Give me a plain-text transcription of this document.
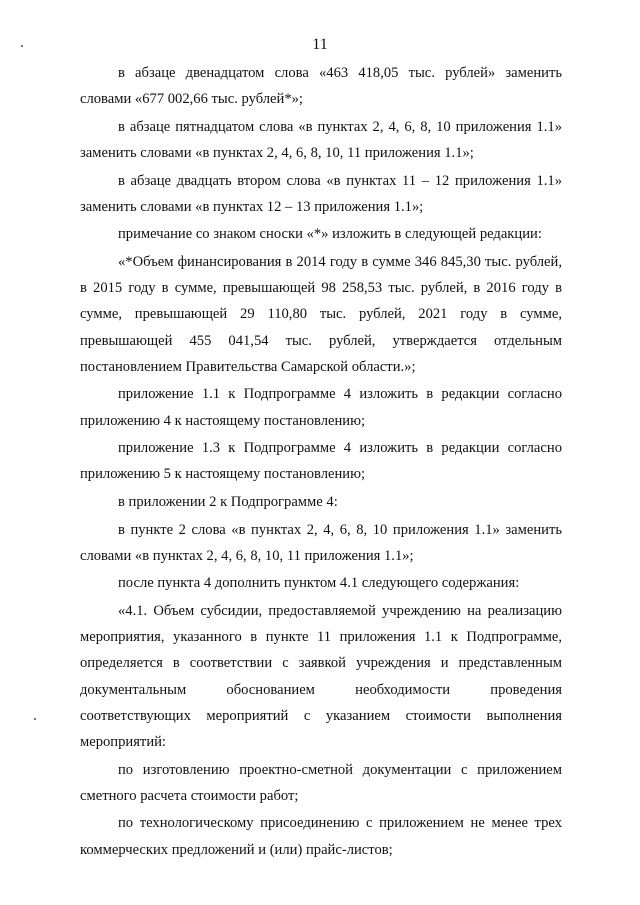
11

в абзаце двенадцатом слова «463 418,05 тыс. рублей» заменить словами «677 002,66 тыс. рублей*»;

в абзаце пятнадцатом слова «в пунктах 2, 4, 6, 8, 10 приложения 1.1» заменить словами «в пунктах 2, 4, 6, 8, 10, 11 приложения 1.1»;

в абзаце двадцать втором слова «в пунктах 11 – 12 приложения 1.1» заменить словами «в пунктах 12 – 13 приложения 1.1»;

примечание со знаком сноски «*» изложить в следующей редакции:

«*Объем финансирования в 2014 году в сумме 346 845,30 тыс. рублей, в 2015 году в сумме, превышающей 98 258,53 тыс. рублей, в 2016 году в сумме, превышающей 29 110,80 тыс. рублей, 2021 году в сумме, превышающей 455 041,54 тыс. рублей, утверждается отдельным постановлением Правительства Самарской области.»;

приложение 1.1 к Подпрограмме 4 изложить в редакции согласно приложению 4 к настоящему постановлению;

приложение 1.3 к Подпрограмме 4 изложить в редакции согласно приложению 5 к настоящему постановлению;

в приложении 2 к Подпрограмме 4:

в пункте 2 слова «в пунктах 2, 4, 6, 8, 10 приложения 1.1» заменить словами «в пунктах 2, 4, 6, 8, 10, 11 приложения 1.1»;

после пункта 4 дополнить пунктом 4.1 следующего содержания:

«4.1. Объем субсидии, предоставляемой учреждению на реализацию мероприятия, указанного в пункте 11 приложения 1.1 к Подпрограмме, определяется в соответствии с заявкой учреждения и представленным документальным обоснованием необходимости проведения соответствующих мероприятий с указанием стоимости выполнения мероприятий:

по изготовлению проектно-сметной документации с приложением сметного расчета стоимости работ;

по технологическому присоединению с приложением не менее трех коммерческих предложений и (или) прайс-листов;
